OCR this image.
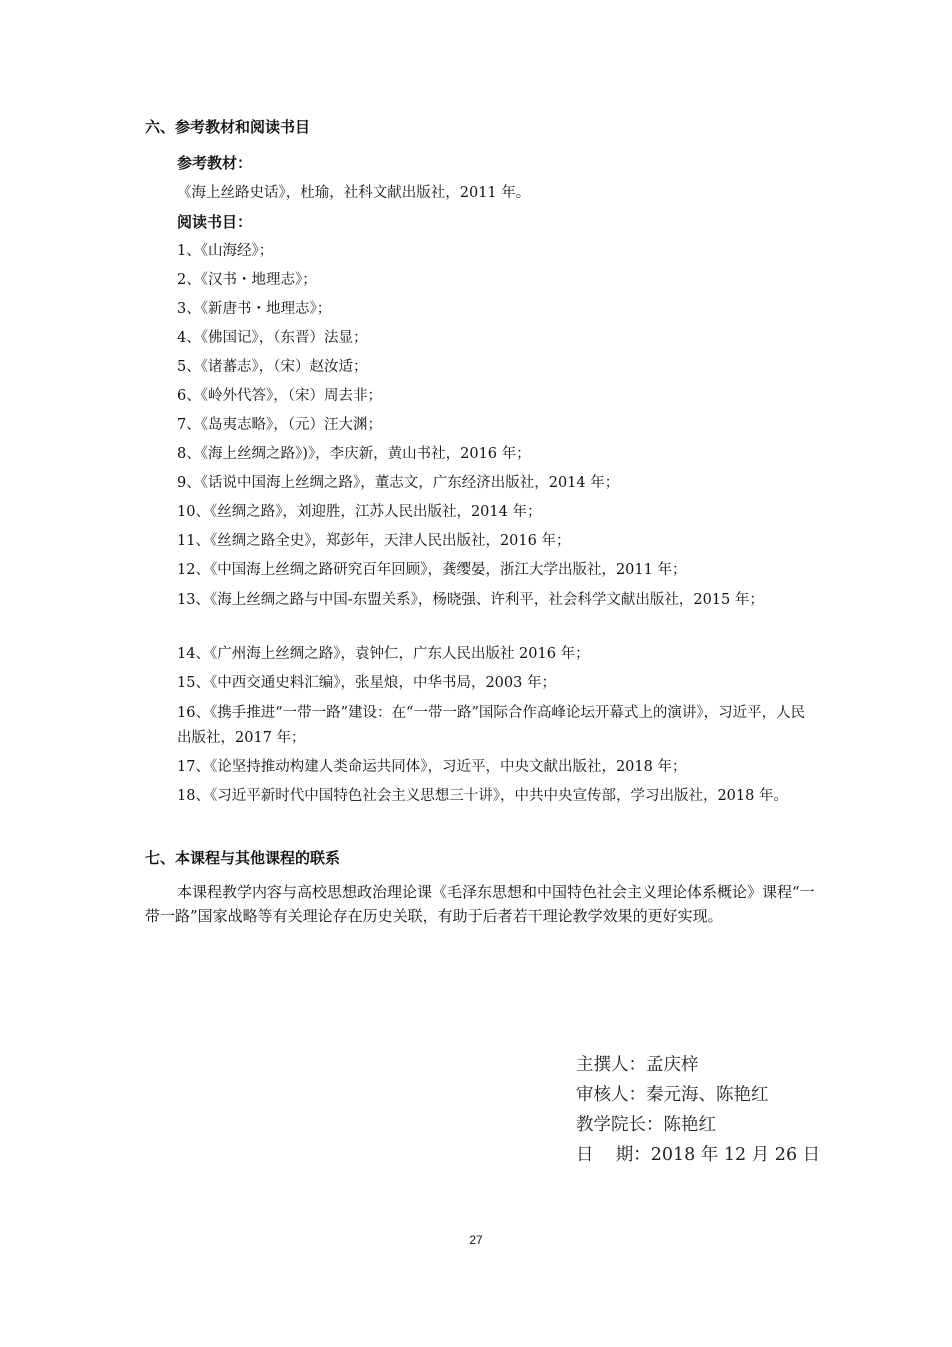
六、参考教材和阅读书目
参考教材：
《海上丝路史话》，杜瑜，社科文献出版社，2011 年。
阅读书目：
1、《山海经》；
2、《汉书・地理志》；
3、《新唐书・地理志》；
4、《佛国记》，（东晋）法显；
5、《诸蕃志》，（宋）赵汝适；
6、《岭外代答》，（宋）周去非；
7、《岛夷志略》，（元）汪大渊；
8、《海上丝绸之路》)》，李庆新，黄山书社，2016 年；
9、《话说中国海上丝绸之路》，董志文，广东经济出版社，2014 年；
10、《丝绸之路》，刘迎胜，江苏人民出版社，2014 年；
11、《丝绸之路全史》，郑彭年，天津人民出版社，2016 年；
12、《中国海上丝绸之路研究百年回顾》，龚缨晏，浙江大学出版社，2011 年；
13、《海上丝绸之路与中国-东盟关系》，杨晓强、许利平，社会科学文献出版社，2015 年；
14、《广州海上丝绸之路》，袁钟仁，广东人民出版社 2016 年；
15、《中西交通史料汇编》，张星烺，中华书局，2003 年；
16、《携手推进“一带一路”建设：在“一带一路”国际合作高峰论坛开幕式上的演讲》，习近平，人民出版社，2017 年；
17、《论坚持推动构建人类命运共同体》，习近平，中央文献出版社，2018 年；
18、《习近平新时代中国特色社会主义思想三十讲》，中共中央宣传部，学习出版社，2018 年。
七、本课程与其他课程的联系
本课程教学内容与高校思想政治理论课《毛泽东思想和中国特色社会主义理论体系概论》课程“一带一路”国家战略等有关理论存在历史关联，有助于后者若干理论教学效果的更好实现。
主撰人：孟庆梓
审核人：秦元海、陈艳红
教学院长：陈艳红
日    期：2018 年 12 月 26 日
27
